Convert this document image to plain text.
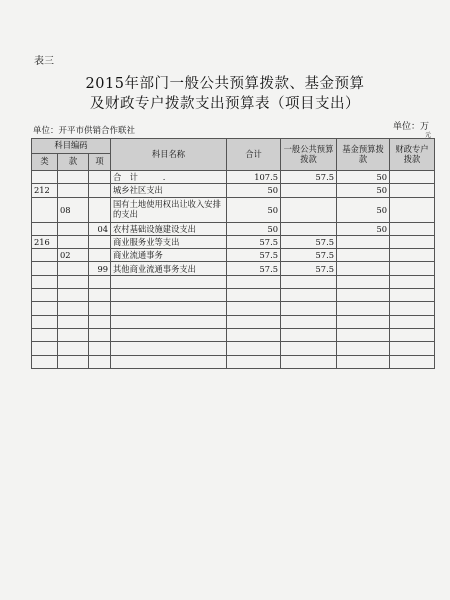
表三
2015年部门一般公共预算拨款、基金预算
及财政专户拨款支出预算表（项目支出）
单位：开平市供销合作联社	单位：万
元
科目编码			科目名称	合计	一般公共预算拨款	基金预算拨款	财政专户拨款
类	款	项					
			合　计　　　.	107.5	57.5	50	
212			城乡社区支出	50		50	
	08		国有土地使用权出让收入安排的支出	50		50	
		04	农村基础设施建设支出	50		50	
216			商业服务业等支出	57.5	57.5		
	02		商业流通事务	57.5	57.5		
		99	其他商业流通事务支出	57.5	57.5		
